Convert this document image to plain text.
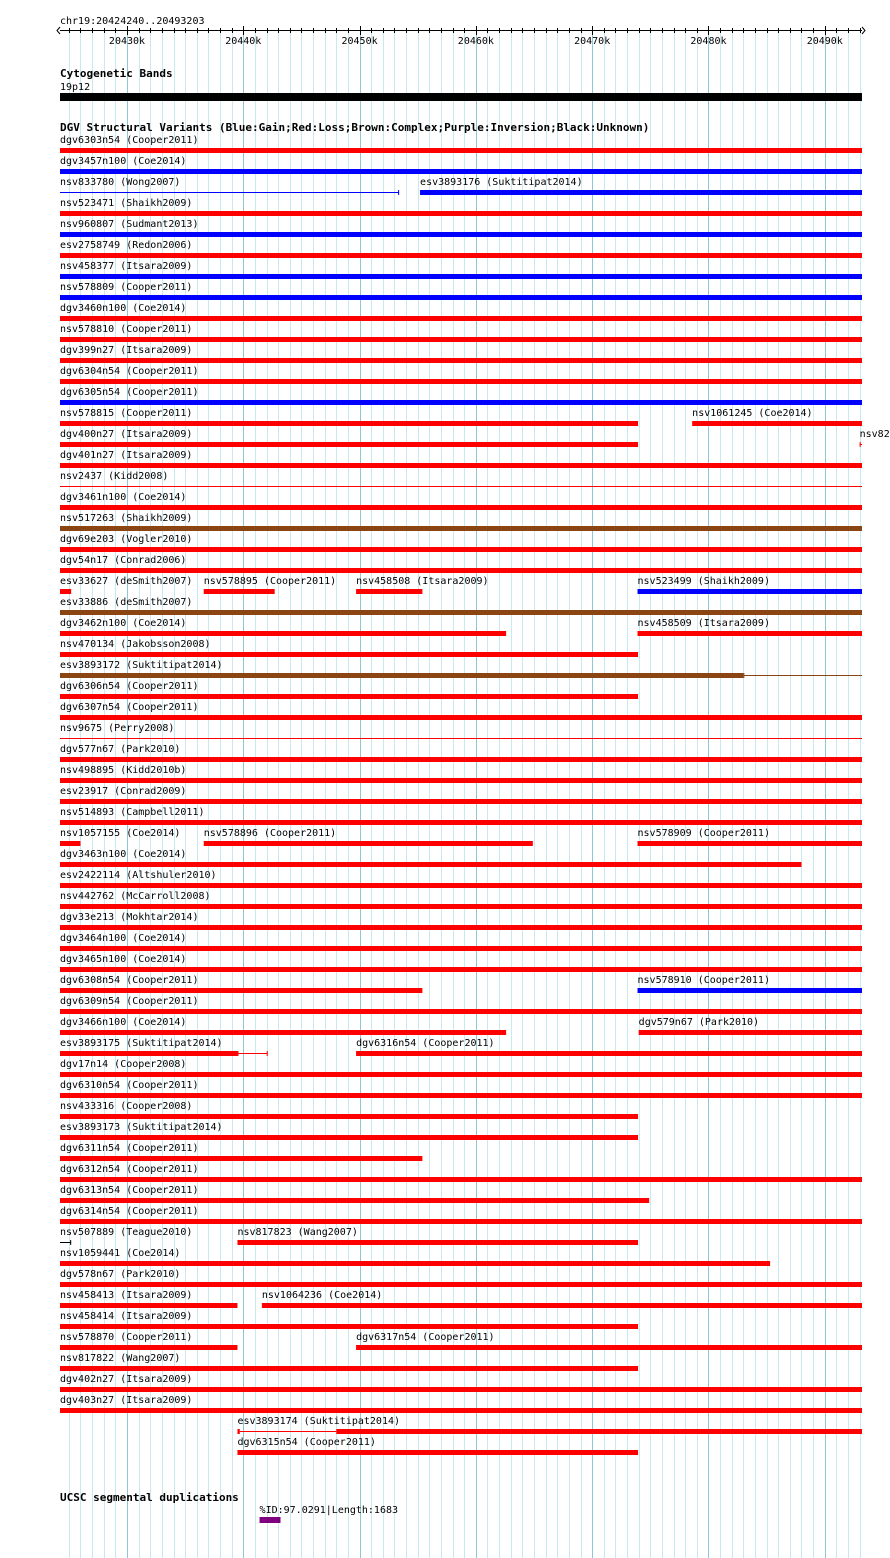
chr19:20424240..20493203
20430k	20440k	20450k	20460k	20470k	20480k	20490k
Cytogenetic Bands
19p12
DGV Structural Variants (Blue:Gain;Red:Loss;Brown:Complex;Purple:Inversion;Black:Unknown)
dgv6303n54 (Cooper2011)
dgv3457n100 (Coe2014)
nsv833780 (Wong2007)	esv3893176 (Suktitipat2014)
nsv523471 (Shaikh2009)
nsv960807 (Sudmant2013)
esv2758749 (Redon2006)
nsv458377 (Itsara2009)
nsv578809 (Cooper2011)
dgv3460n100 (Coe2014)
nsv578810 (Cooper2011)
dgv399n27 (Itsara2009)
dgv6304n54 (Cooper2011)
dgv6305n54 (Cooper2011)
nsv578815 (Cooper2011)	nsv1061245 (Coe2014)
dgv400n27 (Itsara2009)	nsv82
dgv401n27 (Itsara2009)
nsv2437 (Kidd2008)
dgv3461n100 (Coe2014)
nsv517263 (Shaikh2009)
dgv69e203 (Vogler2010)
dgv54n17 (Conrad2006)
esv33627 (deSmith2007) nsv578895 (Cooper2011) nsv458508 (Itsara2009)	nsv523499 (Shaikh2009)
esv33886 (deSmith2007)
dgv3462n100 (Coe2014)	nsv458509 (Itsara2009)
nsv470134 (Jakobsson2008)
esv3893172 (Suktitipat2014)
dgv6306n54 (Cooper2011)
dgv6307n54 (Cooper2011)
nsv9675 (Perry2008)
dgv577n67 (Park2010)
nsv498895 (Kidd2010b)
esv23917 (Conrad2009)
nsv514893 (Campbell2011)
nsv1057155 (Coe2014) nsv578896 (Cooper2011)	nsv578909 (Cooper2011)
dgv3463n100 (Coe2014)
esv2422114 (Altshuler2010)
nsv442762 (McCarroll2008)
dgv33e213 (Mokhtar2014)
dgv3464n100 (Coe2014)
dgv3465n100 (Coe2014)
dgv6308n54 (Cooper2011)	nsv578910 (Cooper2011)
dgv6309n54 (Cooper2011)
dgv3466n100 (Coe2014)	dgv579n67 (Park2010)
esv3893175 (Suktitipat2014)	dgv6316n54 (Cooper2011)
dgv17n14 (Cooper2008)
dgv6310n54 (Cooper2011)
nsv433316 (Cooper2008)
esv3893173 (Suktitipat2014)
dgv6311n54 (Cooper2011)
dgv6312n54 (Cooper2011)
dgv6313n54 (Cooper2011)
dgv6314n54 (Cooper2011)
nsv507889 (Teague2010)	nsv817823 (Wang2007)
nsv1059441 (Coe2014)
dgv578n67 (Park2010)
nsv458413 (Itsara2009)	nsv1064236 (Coe2014)
nsv458414 (Itsara2009)
nsv578870 (Cooper2011)	dgv6317n54 (Cooper2011)
nsv817822 (Wang2007)
dgv402n27 (Itsara2009)
dgv403n27 (Itsara2009)
esv3893174 (Suktitipat2014)
dgv6315n54 (Cooper2011)
UCSC segmental duplications
%ID:97.0291|Length:1683
